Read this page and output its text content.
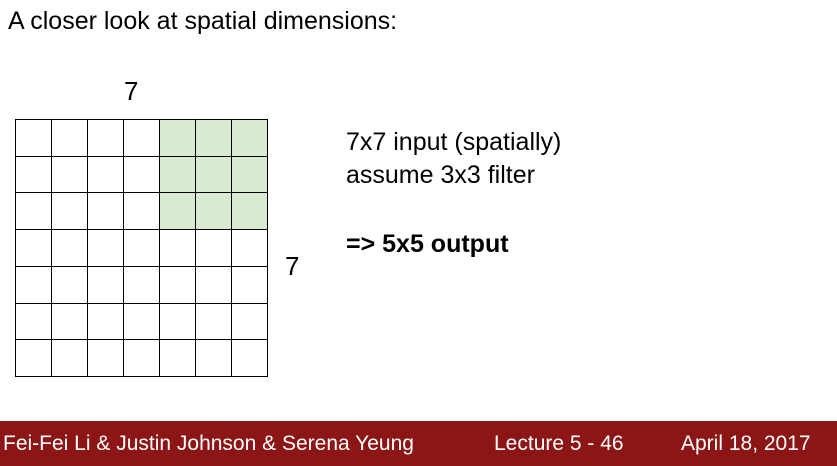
A closer look at spatial dimensions:
7
7
7x7 input (spatially)
assume 3x3 filter
=> 5x5 output
Fei-Fei Li & Justin Johnson & Serena Yeung	Lecture 5 - 46	April 18, 2017
